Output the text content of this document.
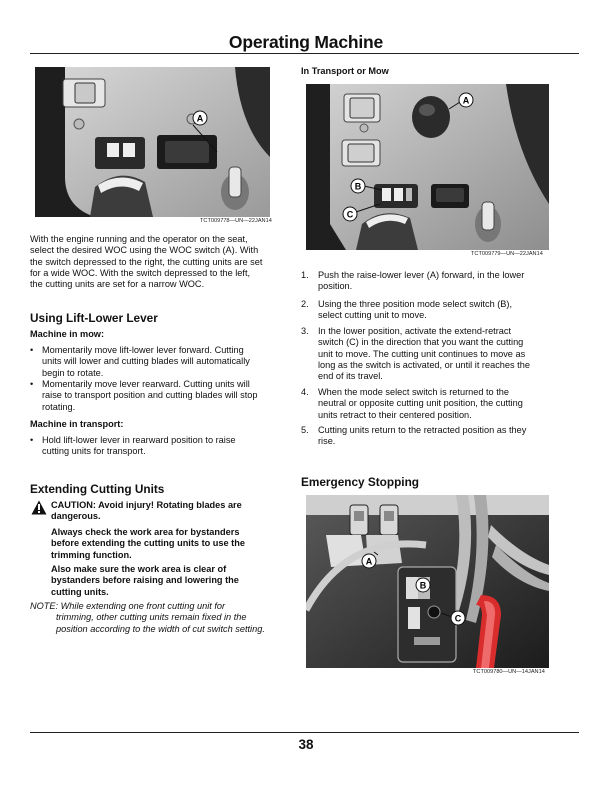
Operating Machine
A
TCT009778—UN—22JAN14
With the engine running and the operator on the seat,
select the desired WOC using the WOC switch (A). With
the switch depressed to the right, the cutting units are set
for a wide WOC. With the switch depressed to the left,
the cutting units are set for a narrow WOC.
Using Lift-Lower Lever
Machine in mow:
• Momentarily move lift-lower lever forward. Cutting
units will lower and cutting blades will automatically
begin to rotate.
• Momentarily move lever rearward. Cutting units will
raise to transport position and cutting blades will stop
rotating.
Machine in transport:
• Hold lift-lower lever in rearward position to raise
cutting units for transport.
Extending Cutting Units
CAUTION: Avoid injury! Rotating blades are
dangerous.
Always check the work area for bystanders
before extending the cutting units to use the
trimming function.
Also make sure the work area is clear of
bystanders before raising and lowering the
cutting units.
NOTE: While extending one front cutting unit for
trimming, other cutting units remain fixed in the
position according to the width of cut switch setting.
In Transport or Mow
A
B
C
TCT009779—UN—22JAN14
1. Push the raise-lower lever (A) forward, in the lower
position.
2. Using the three position mode select switch (B),
select cutting unit to move.
3. In the lower position, activate the extend-retract
switch (C) in the direction that you want the cutting
unit to move. The cutting unit continues to move as
long as the switch is activated, or until it reaches the
end of its travel.
4. When the mode select switch is returned to the
neutral or opposite cutting unit position, the cutting
units retract to their centered position.
5. Cutting units return to the retracted position as they
rise.
Emergency Stopping
A
B
C
TCT009780—UN—14JAN14
38
